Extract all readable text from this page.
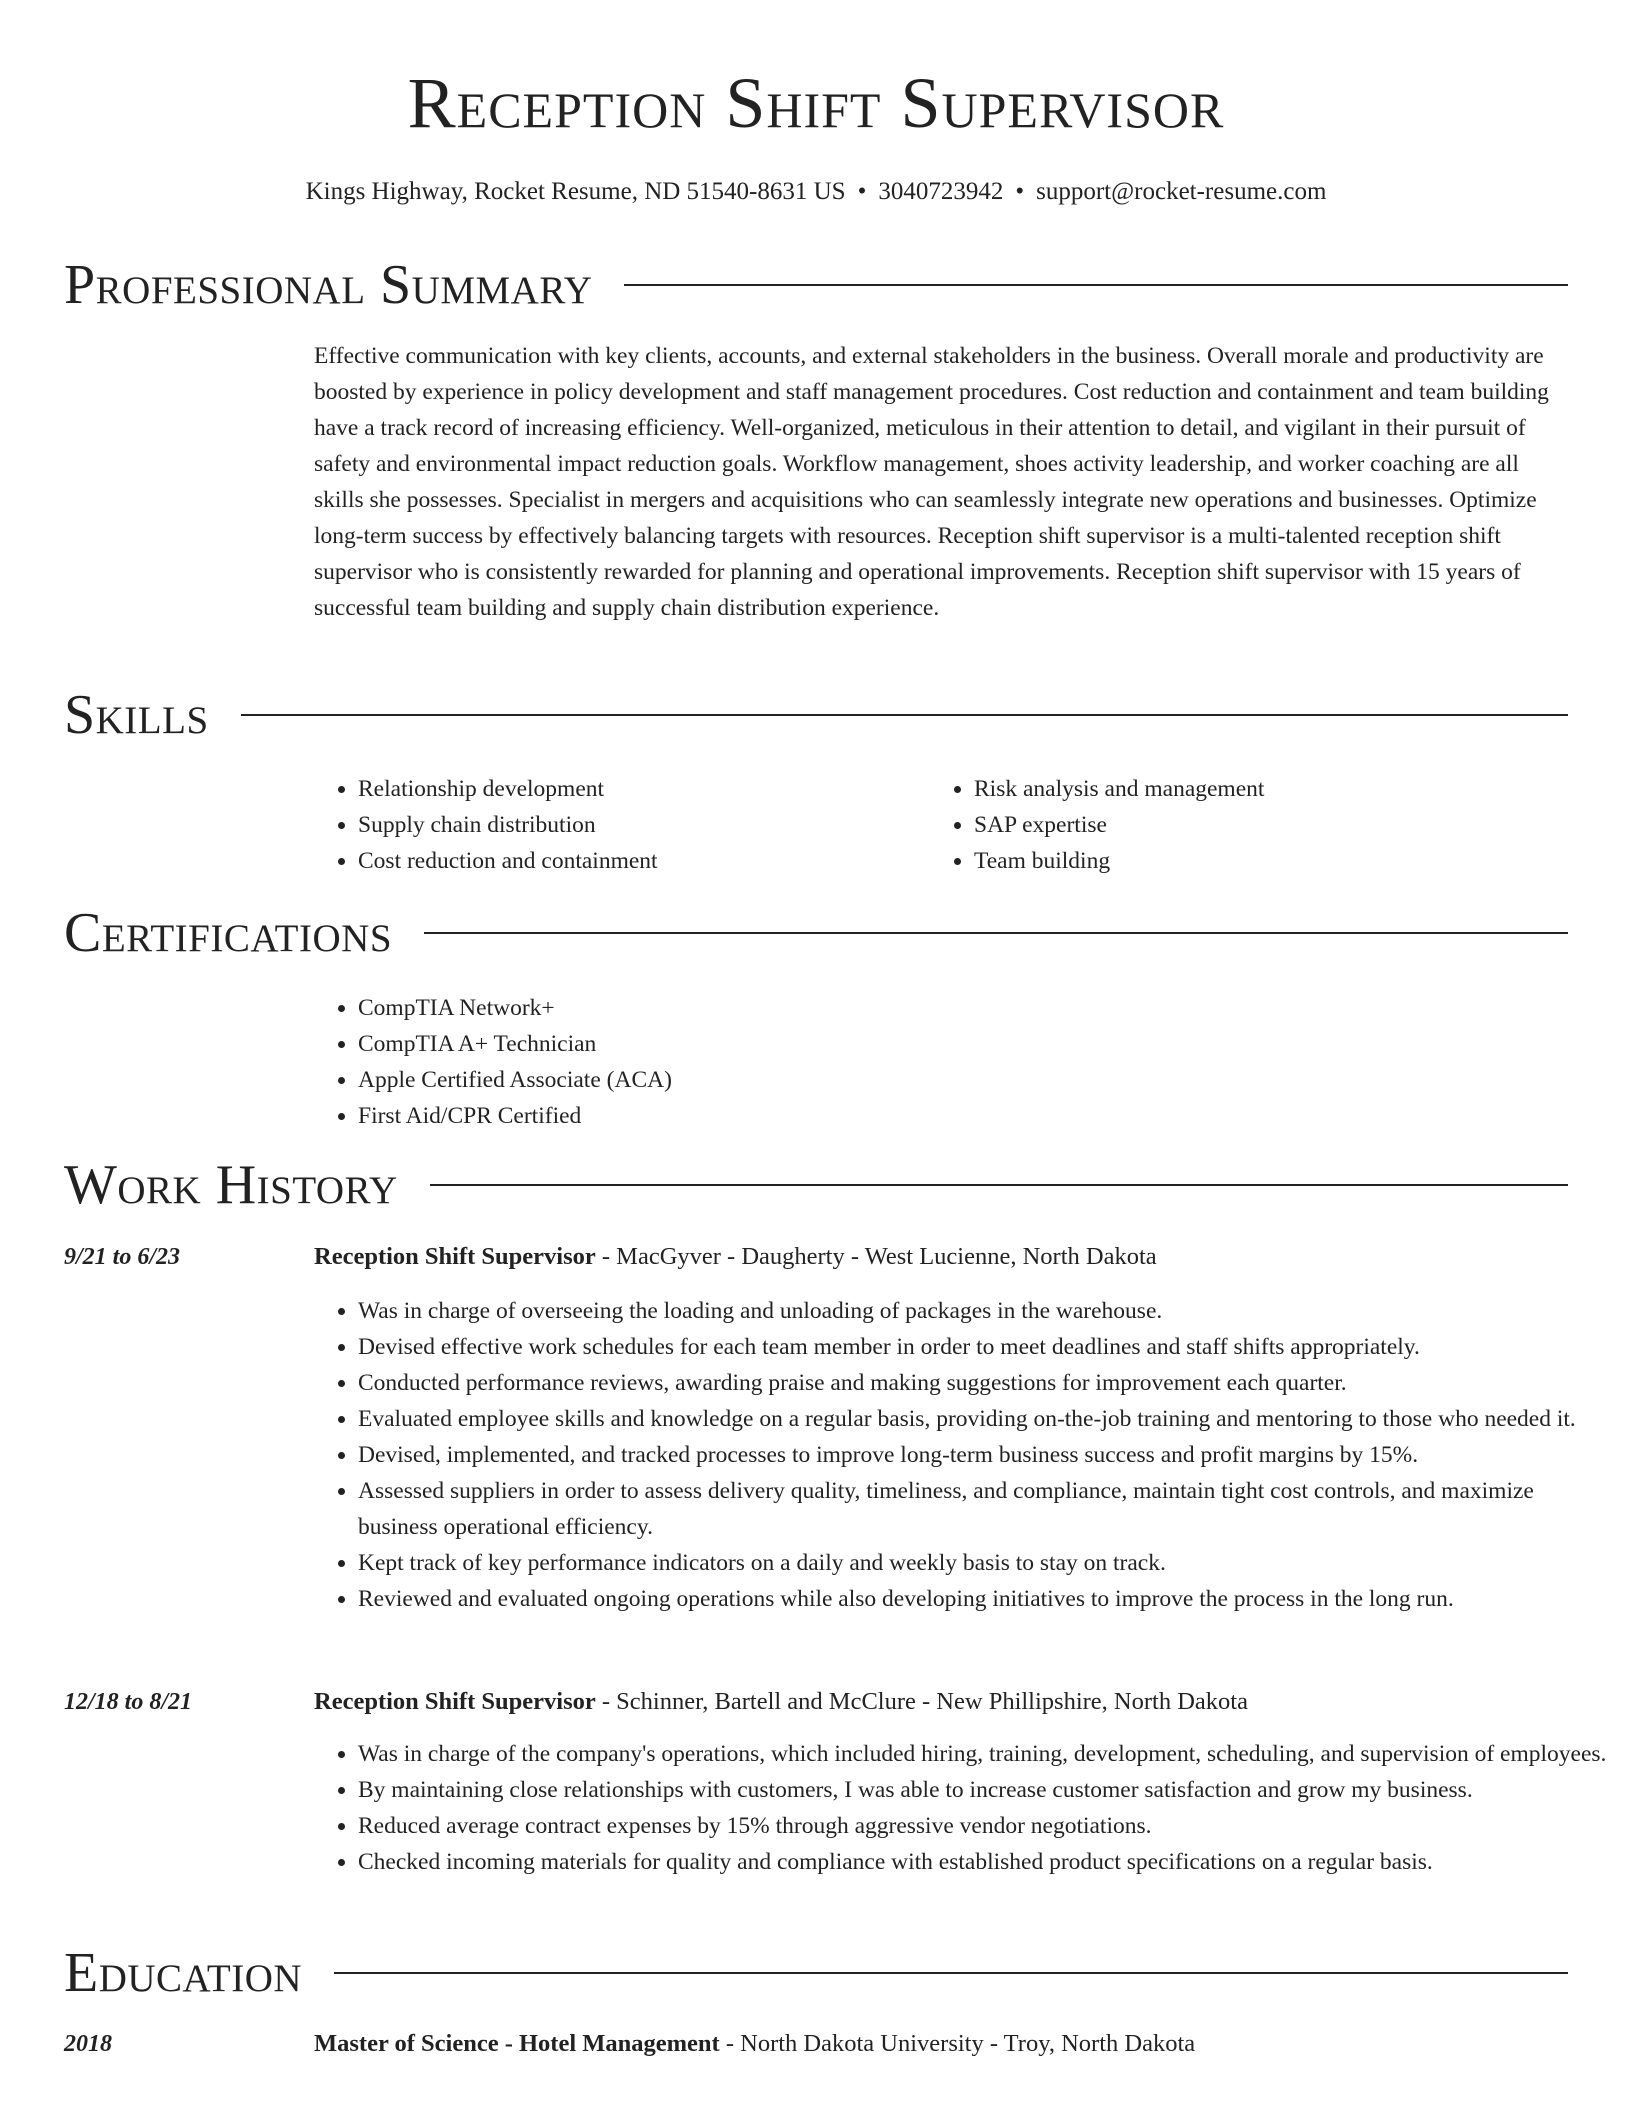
Reception Shift Supervisor
Kings Highway, Rocket Resume, ND 51540-8631 US • 3040723942 • support@rocket-resume.com
Professional Summary

Effective communication with key clients, accounts, and external stakeholders in the business. Overall morale and productivity are boosted by experience in policy development and staff management procedures. Cost reduction and containment and team building have a track record of increasing efficiency. Well-organized, meticulous in their attention to detail, and vigilant in their pursuit of safety and environmental impact reduction goals. Workflow management, shoes activity leadership, and worker coaching are all skills she possesses. Specialist in mergers and acquisitions who can seamlessly integrate new operations and businesses. Optimize long-term success by effectively balancing targets with resources. Reception shift supervisor is a multi-talented reception shift supervisor who is consistently rewarded for planning and operational improvements. Reception shift supervisor with 15 years of successful team building and supply chain distribution experience.

Skills
• Relationship development
• Supply chain distribution
• Cost reduction and containment
• Risk analysis and management
• SAP expertise
• Team building
Certifications
• CompTIA Network+
• CompTIA A+ Technician
• Apple Certified Associate (ACA)
• First Aid/CPR Certified
Work History
9/21 to 6/23	Reception Shift Supervisor - MacGyver - Daugherty - West Lucienne, North Dakota
• Was in charge of overseeing the loading and unloading of packages in the warehouse.
• Devised effective work schedules for each team member in order to meet deadlines and staff shifts appropriately.
• Conducted performance reviews, awarding praise and making suggestions for improvement each quarter.
• Evaluated employee skills and knowledge on a regular basis, providing on-the-job training and mentoring to those who needed it.
• Devised, implemented, and tracked processes to improve long-term business success and profit margins by 15%.
• Assessed suppliers in order to assess delivery quality, timeliness, and compliance, maintain tight cost controls, and maximize business operational efficiency.
• Kept track of key performance indicators on a daily and weekly basis to stay on track.
• Reviewed and evaluated ongoing operations while also developing initiatives to improve the process in the long run.
12/18 to 8/21	Reception Shift Supervisor - Schinner, Bartell and McClure - New Phillipshire, North Dakota
• Was in charge of the company's operations, which included hiring, training, development, scheduling, and supervision of employees.
• By maintaining close relationships with customers, I was able to increase customer satisfaction and grow my business.
• Reduced average contract expenses by 15% through aggressive vendor negotiations.
• Checked incoming materials for quality and compliance with established product specifications on a regular basis.
Education
2018	Master of Science - Hotel Management - North Dakota University - Troy, North Dakota
